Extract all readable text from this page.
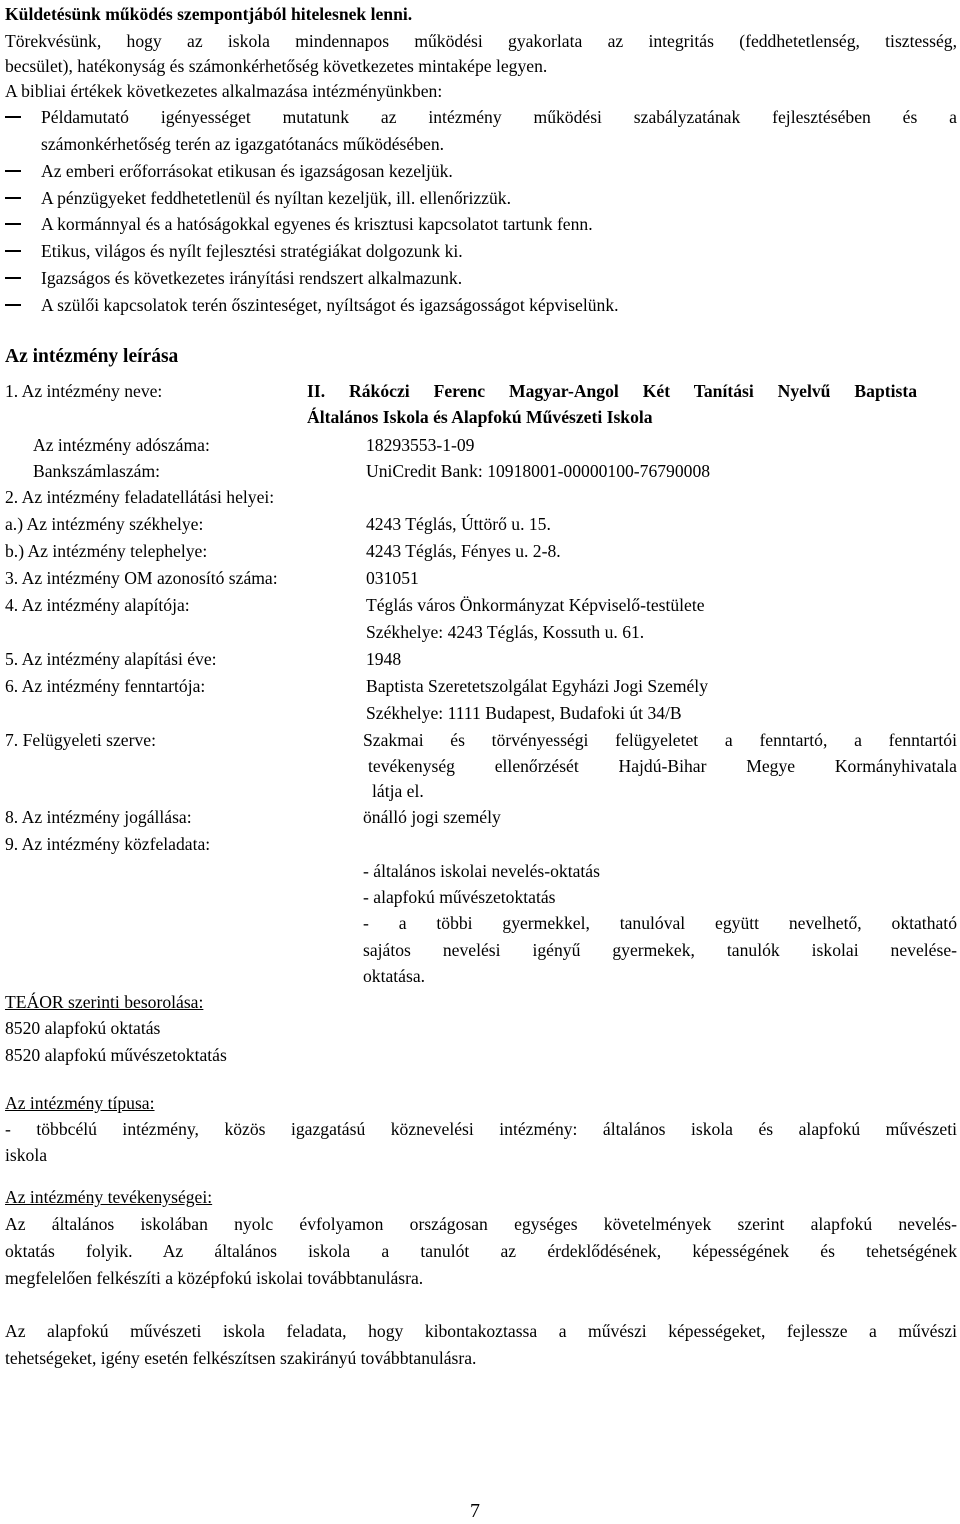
Küldetésünk működés szempontjából hitelesnek lenni.
Törekvésünk, hogy az iskola mindennapos működési gyakorlata az integritás (feddhetetlenség, tisztesség,
becsület), hatékonyság és számonkérhetőség következetes mintaképe legyen.
A bibliai értékek következetes alkalmazása intézményünkben:
Példamutató igényességet mutatunk az intézmény működési szabályzatának fejlesztésében és a
számonkérhetőség terén az igazgatótanács működésében.
Az emberi erőforrásokat etikusan és igazságosan kezeljük.
A pénzügyeket feddhetetlenül és nyíltan kezeljük, ill. ellenőrizzük.
A kormánnyal és a hatóságokkal egyenes és krisztusi kapcsolatot tartunk fenn.
Etikus, világos és nyílt fejlesztési stratégiákat dolgozunk ki.
Igazságos és következetes irányítási rendszert alkalmazunk.
A szülői kapcsolatok terén őszinteséget, nyíltságot és igazságosságot képviselünk.
Az intézmény leírása
1. Az intézmény neve:	II. Rákóczi Ferenc Magyar-Angol Két Tanítási Nyelvű Baptista
Általános Iskola és Alapfokú Művészeti Iskola
Az intézmény adószáma:	18293553-1-09
Bankszámlaszám:	UniCredit Bank: 10918001-00000100-76790008
2. Az intézmény feladatellátási helyei:
a.) Az intézmény székhelye:	4243 Téglás, Úttörő u. 15.
b.) Az intézmény telephelye:	4243 Téglás, Fényes u. 2-8.
3. Az intézmény OM azonosító száma:	031051
4. Az intézmény alapítója:	Téglás város Önkormányzat Képviselő-testülete
Székhelye: 4243 Téglás, Kossuth u. 61.
5. Az intézmény alapítási éve:	1948
6. Az intézmény fenntartója:	Baptista Szeretetszolgálat Egyházi Jogi Személy
Székhelye: 1111 Budapest, Budafoki út 34/B
7. Felügyeleti szerve:	Szakmai és törvényességi felügyeletet a fenntartó, a fenntartói
tevékenység ellenőrzését Hajdú-Bihar Megye Kormányhivatala
látja el.
8. Az intézmény jogállása:	önálló jogi személy
9. Az intézmény közfeladata:
- általános iskolai nevelés-oktatás
- alapfokú művészetoktatás
- a többi gyermekkel, tanulóval együtt nevelhető, oktatható
sajátos nevelési igényű gyermekek, tanulók iskolai nevelése-
oktatása.
TEÁOR szerinti besorolása:
8520 alapfokú oktatás
8520 alapfokú művészetoktatás
Az intézmény típusa:
- többcélú intézmény, közös igazgatású köznevelési intézmény: általános iskola és alapfokú művészeti
iskola
Az intézmény tevékenységei:
Az általános iskolában nyolc évfolyamon országosan egységes követelmények szerint alapfokú nevelés-
oktatás folyik. Az általános iskola a tanulót az érdeklődésének, képességének és tehetségének
megfelelően felkészíti a középfokú iskolai továbbtanulásra.
Az alapfokú művészeti iskola feladata, hogy kibontakoztassa a művészi képességeket, fejlessze a művészi
tehetségeket, igény esetén felkészítsen szakirányú továbbtanulásra.
7
